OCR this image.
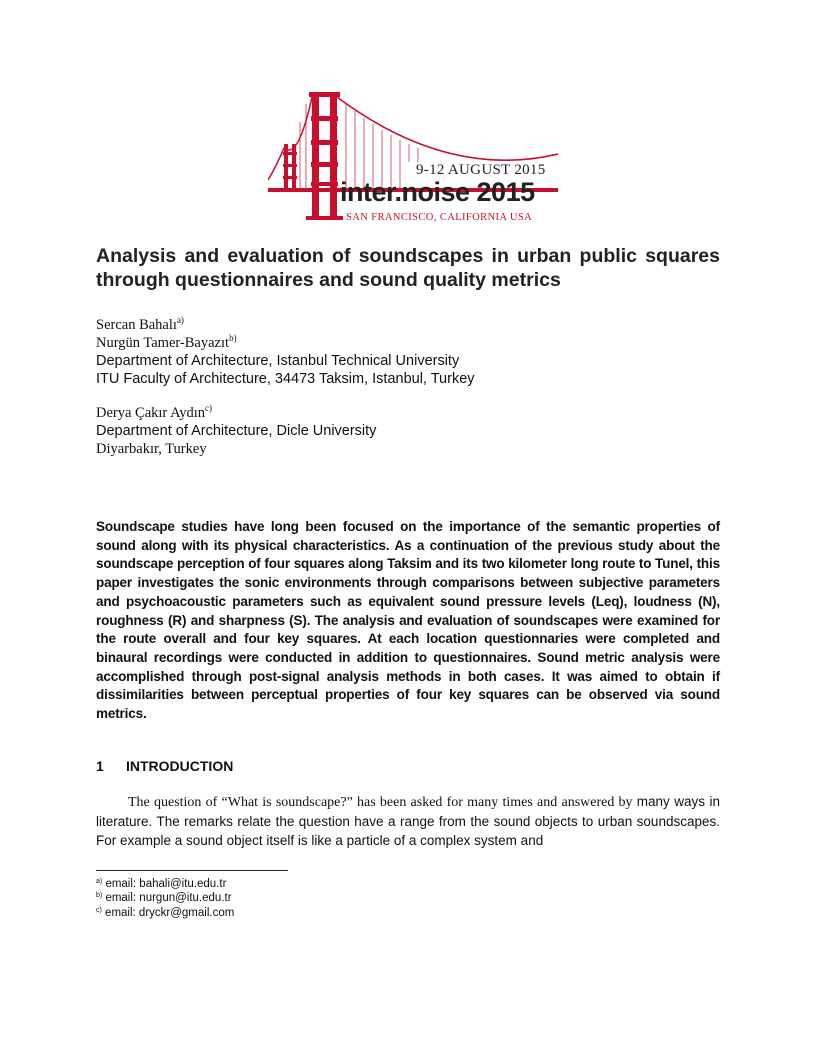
9-12 AUGUST 2015
inter.noise 2015
SAN FRANCISCO, CALIFORNIA USA
Analysis and evaluation of soundscapes in urban public squares through questionnaires and sound quality metrics
Sercan Bahalı$^{a)}$
Nurgün Tamer-Bayazıt$^{b)}$
Department of Architecture, Istanbul Technical University
ITU Faculty of Architecture, 34473 Taksim, Istanbul, Turkey
Derya Çakır Aydın$^{c)}$
Department of Architecture, Dicle University
Diyarbakır, Turkey

Soundscape studies have long been focused on the importance of the semantic properties of sound along with its physical characteristics. As a continuation of the previous study about the soundscape perception of four squares along Taksim and its two kilometer long route to Tunel, this paper investigates the sonic environments through comparisons between subjective parameters and psychoacoustic parameters such as equivalent sound pressure levels (Leq), loudness (N), roughness (R) and sharpness (S). The analysis and evaluation of soundscapes were examined for the route overall and four key squares. At each location questionnaries were completed and binaural recordings were conducted in addition to questionnaires. Sound metric analysis were accomplished through post-signal analysis methods in both cases. It was aimed to obtain if dissimilarities between perceptual properties of four key squares can be observed via sound metrics.

1 INTRODUCTION

The question of “What is soundscape?” has been asked for many times and answered by many ways in literature. The remarks relate the question have a range from the sound objects to urban soundscapes. For example a sound object itself is like a particle of a complex system and

$^{a)}$ email: bahali@itu.edu.tr
$^{b)}$ email: nurgun@itu.edu.tr
$^{c)}$ email: dryckr@gmail.com
